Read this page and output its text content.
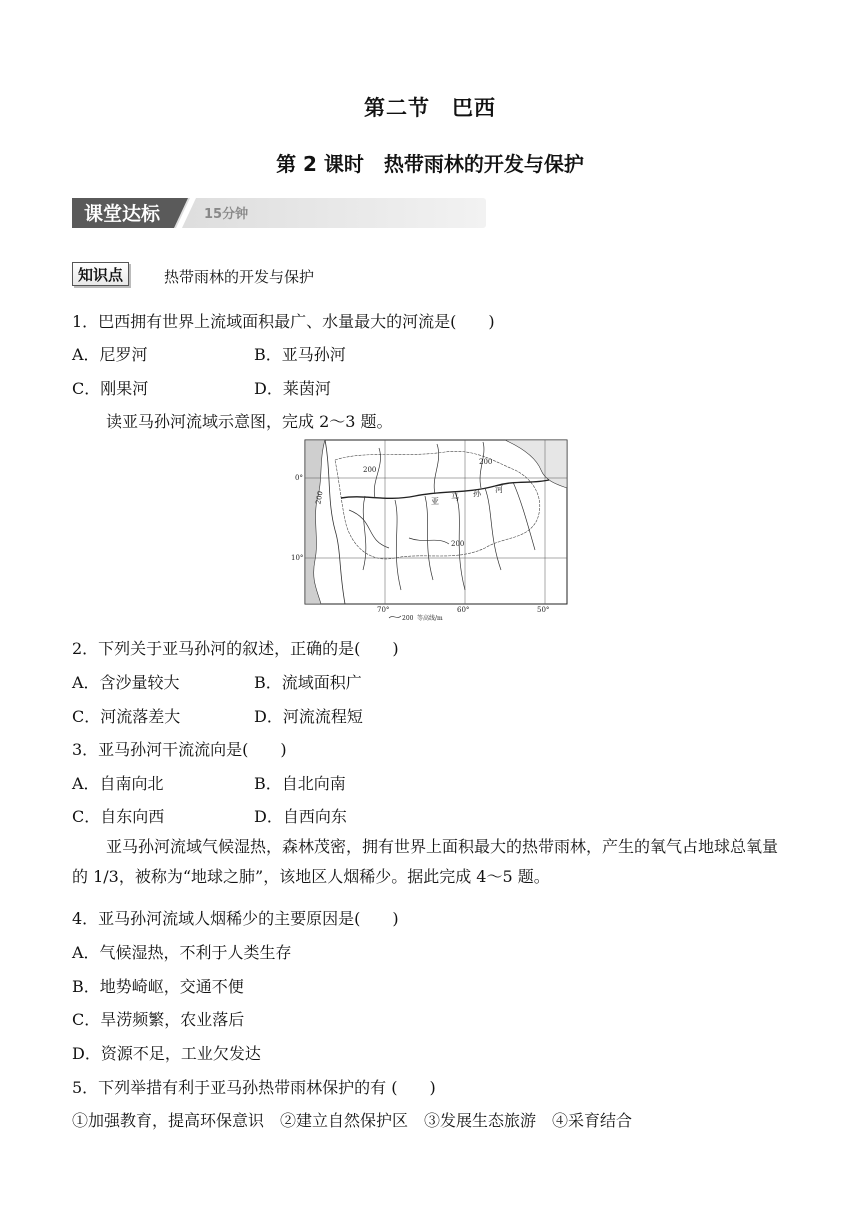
第二节　巴西
第 2 课时　热带雨林的开发与保护
课堂达标	15分钟
知识点	热带雨林的开发与保护
1．巴西拥有世界上流域面积最广、水量最大的河流是(　　)
A．尼罗河	B．亚马孙河
C．刚果河	D．莱茵河
读亚马孙河流域示意图，完成 2～3 题。
0°
10°
70°	60°	50°
200
200
200
200
亚 马 孙 河
200 等高线/m
2．下列关于亚马孙河的叙述，正确的是(　　)
A．含沙量较大	B．流域面积广
C．河流落差大	D．河流流程短
3．亚马孙河干流流向是(　　)
A．自南向北	B．自北向南
C．自东向西	D．自西向东
亚马孙河流域气候湿热，森林茂密，拥有世界上面积最大的热带雨林，产生的氧气占地球总氧量的 1/3，被称为“地球之肺”，该地区人烟稀少。据此完成 4～5 题。
4．亚马孙河流域人烟稀少的主要原因是(　　)
A．气候湿热，不利于人类生存
B．地势崎岖，交通不便
C．旱涝频繁，农业落后
D．资源不足，工业欠发达
5．下列举措有利于亚马孙热带雨林保护的有 (　　)
①加强教育，提高环保意识　②建立自然保护区　③发展生态旅游　④采育结合
